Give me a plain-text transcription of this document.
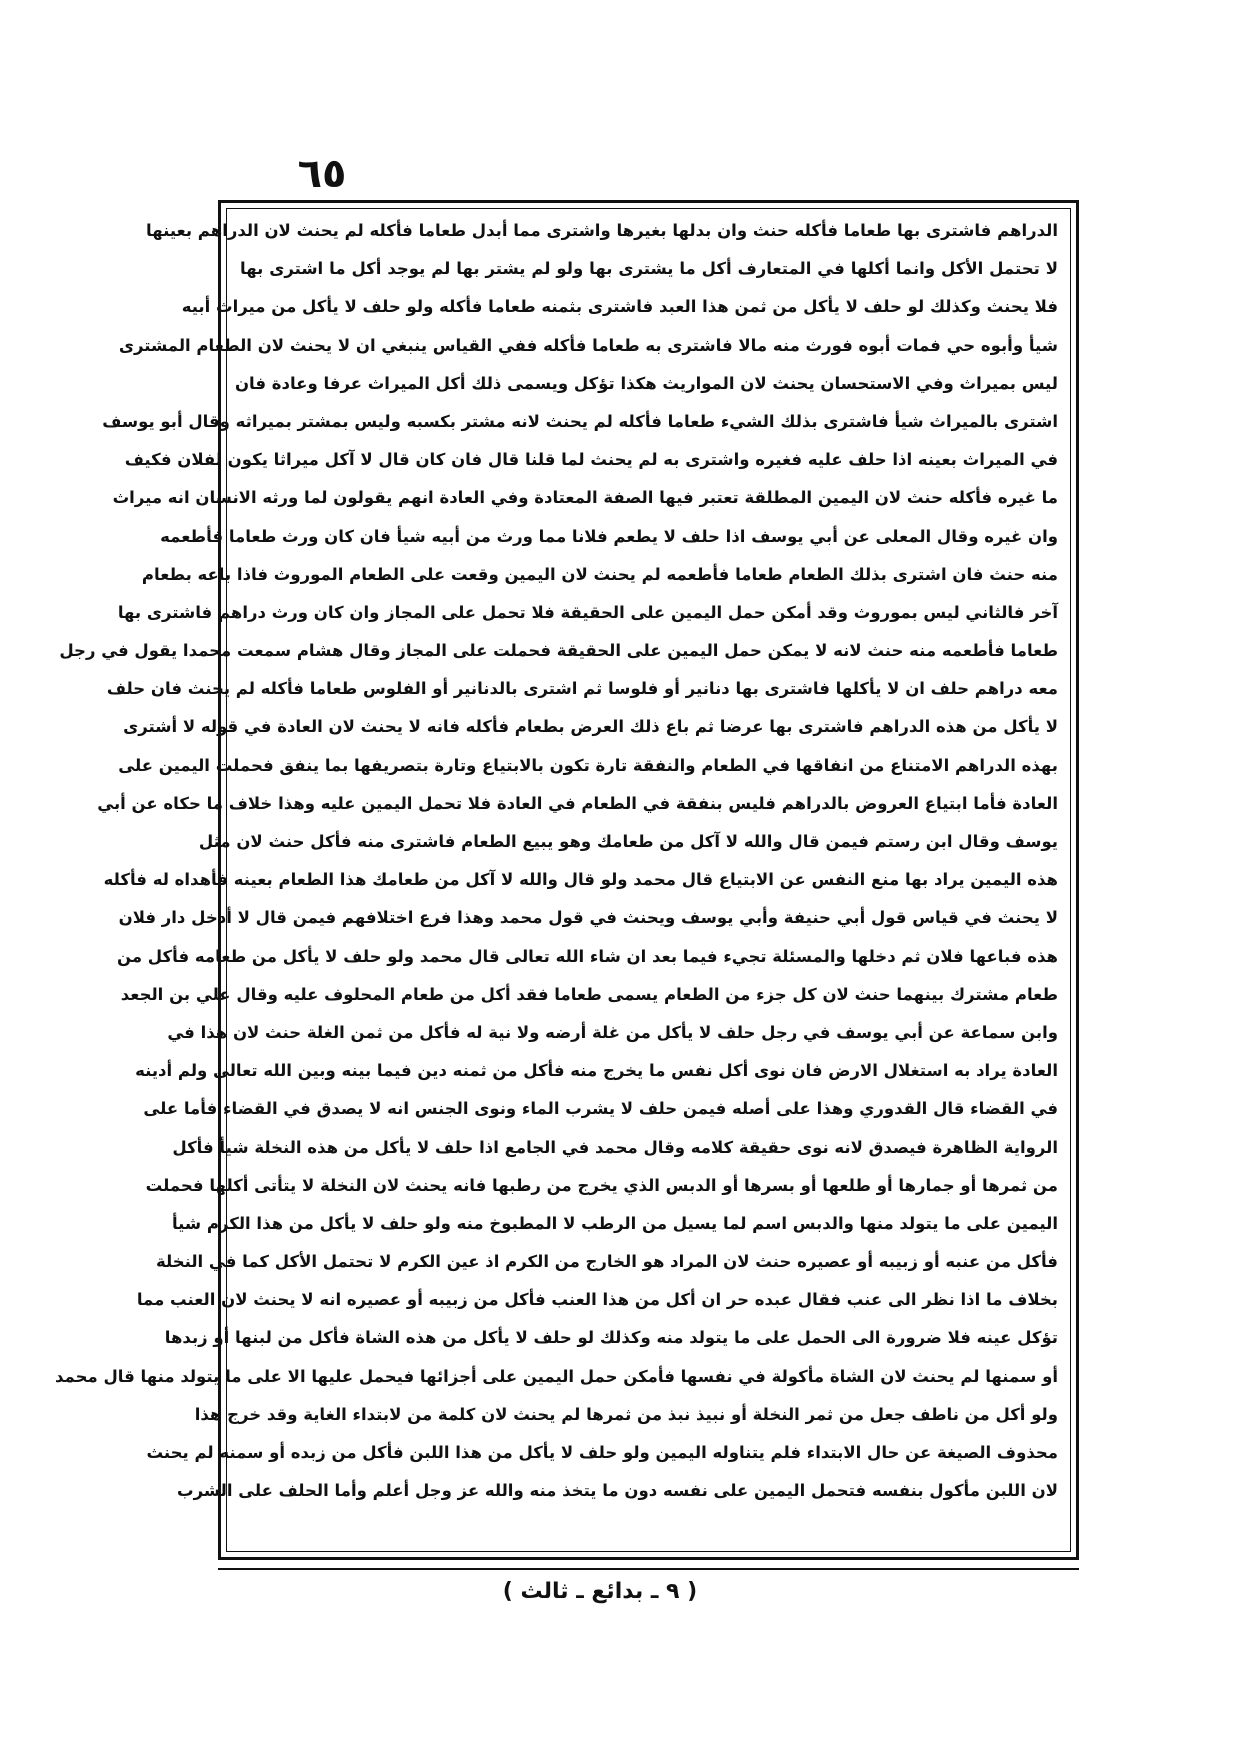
٦٥
الدراهم فاشترى بها طعاما فأكله حنث وان بدلها بغيرها واشترى مما أبدل طعاما فأكله لم يحنث لان الدراهم بعينها
لا تحتمل الأكل وانما أكلها في المتعارف أكل ما يشترى بها ولو لم يشتر بها لم يوجد أكل ما اشترى بها
فلا يحنث وكذلك لو حلف لا يأكل من ثمن هذا العبد فاشترى بثمنه طعاما فأكله ولو حلف لا يأكل من ميراث أبيه
شيأ وأبوه حي فمات أبوه فورث منه مالا فاشترى به طعاما فأكله ففي القياس ينبغي ان لا يحنث لان الطعام المشترى
ليس بميراث وفي الاستحسان يحنث لان المواريث هكذا تؤكل ويسمى ذلك أكل الميراث عرفا وعادة فان
اشترى بالميراث شيأ فاشترى بذلك الشيء طعاما فأكله لم يحنث لانه مشتر بكسبه وليس بمشتر بميراثه وقال أبو يوسف
في الميراث بعينه اذا حلف عليه فغيره واشترى به لم يحنث لما قلنا قال فان كان قال لا آكل ميراثا يكون لفلان فكيف
ما غيره فأكله حنث لان اليمين المطلقة تعتبر فيها الصفة المعتادة وفي العادة انهم يقولون لما ورثه الانسان انه ميراث
وان غيره وقال المعلى عن أبي يوسف اذا حلف لا يطعم فلانا مما ورث من أبيه شيأ فان كان ورث طعاما فأطعمه
منه حنث فان اشترى بذلك الطعام طعاما فأطعمه لم يحنث لان اليمين وقعت على الطعام الموروث فاذا باعه بطعام
آخر فالثاني ليس بموروث وقد أمكن حمل اليمين على الحقيقة فلا تحمل على المجاز وان كان ورث دراهم فاشترى بها
طعاما فأطعمه منه حنث لانه لا يمكن حمل اليمين على الحقيقة فحملت على المجاز وقال هشام سمعت محمدا يقول في رجل
معه دراهم حلف ان لا يأكلها فاشترى بها دنانير أو فلوسا ثم اشترى بالدنانير أو الفلوس طعاما فأكله لم يحنث فان حلف
لا يأكل من هذه الدراهم فاشترى بها عرضا ثم باع ذلك العرض بطعام فأكله فانه لا يحنث لان العادة في قوله لا أشترى
بهذه الدراهم الامتناع من انفاقها في الطعام والنفقة تارة تكون بالابتياع وتارة بتصريفها بما ينفق فحملت اليمين على
العادة فأما ابتياع العروض بالدراهم فليس بنفقة في الطعام في العادة فلا تحمل اليمين عليه وهذا خلاف ما حكاه عن أبي
يوسف وقال ابن رستم فيمن قال والله لا آكل من طعامك وهو يبيع الطعام فاشترى منه فأكل حنث لان مثل
هذه اليمين يراد بها منع النفس عن الابتياع قال محمد ولو قال والله لا آكل من طعامك هذا الطعام بعينه فأهداه له فأكله
لا يحنث في قياس قول أبي حنيفة وأبي يوسف ويحنث في قول محمد وهذا فرع اختلافهم فيمن قال لا أدخل دار فلان
هذه فباعها فلان ثم دخلها والمسئلة تجيء فيما بعد ان شاء الله تعالى قال محمد ولو حلف لا يأكل من طعامه فأكل من
طعام مشترك بينهما حنث لان كل جزء من الطعام يسمى طعاما فقد أكل من طعام المحلوف عليه وقال علي بن الجعد
وابن سماعة عن أبي يوسف في رجل حلف لا يأكل من غلة أرضه ولا نية له فأكل من ثمن الغلة حنث لان هذا في
العادة يراد به استغلال الارض فان نوى أكل نفس ما يخرج منه فأكل من ثمنه دين فيما بينه وبين الله تعالى ولم أدينه
في القضاء قال القدوري وهذا على أصله فيمن حلف لا يشرب الماء ونوى الجنس انه لا يصدق في القضاء فأما على
الرواية الظاهرة فيصدق لانه نوى حقيقة كلامه وقال محمد في الجامع اذا حلف لا يأكل من هذه النخلة شيأ فأكل
من ثمرها أو جمارها أو طلعها أو بسرها أو الدبس الذي يخرج من رطبها فانه يحنث لان النخلة لا يتأتى أكلها فحملت
اليمين على ما يتولد منها والدبس اسم لما يسيل من الرطب لا المطبوخ منه ولو حلف لا يأكل من هذا الكرم شيأ
فأكل من عنبه أو زبيبه أو عصيره حنث لان المراد هو الخارج من الكرم اذ عين الكرم لا تحتمل الأكل كما في النخلة
بخلاف ما اذا نظر الى عنب فقال عبده حر ان أكل من هذا العنب فأكل من زبيبه أو عصيره انه لا يحنث لان العنب مما
تؤكل عينه فلا ضرورة الى الحمل على ما يتولد منه وكذلك لو حلف لا يأكل من هذه الشاة فأكل من لبنها أو زبدها
أو سمنها لم يحنث لان الشاة مأكولة في نفسها فأمكن حمل اليمين على أجزائها فيحمل عليها الا على ما يتولد منها قال محمد
ولو أكل من ناطف جعل من ثمر النخلة أو نبيذ نبذ من ثمرها لم يحنث لان كلمة من لابتداء الغاية وقد خرج هذا
محذوف الصيغة عن حال الابتداء فلم يتناوله اليمين ولو حلف لا يأكل من هذا اللبن فأكل من زبده أو سمنه لم يحنث
لان اللبن مأكول بنفسه فتحمل اليمين على نفسه دون ما يتخذ منه والله عز وجل أعلم وأما الحلف على الشرب
( ٩ ـ بدائع ـ ثالث )
